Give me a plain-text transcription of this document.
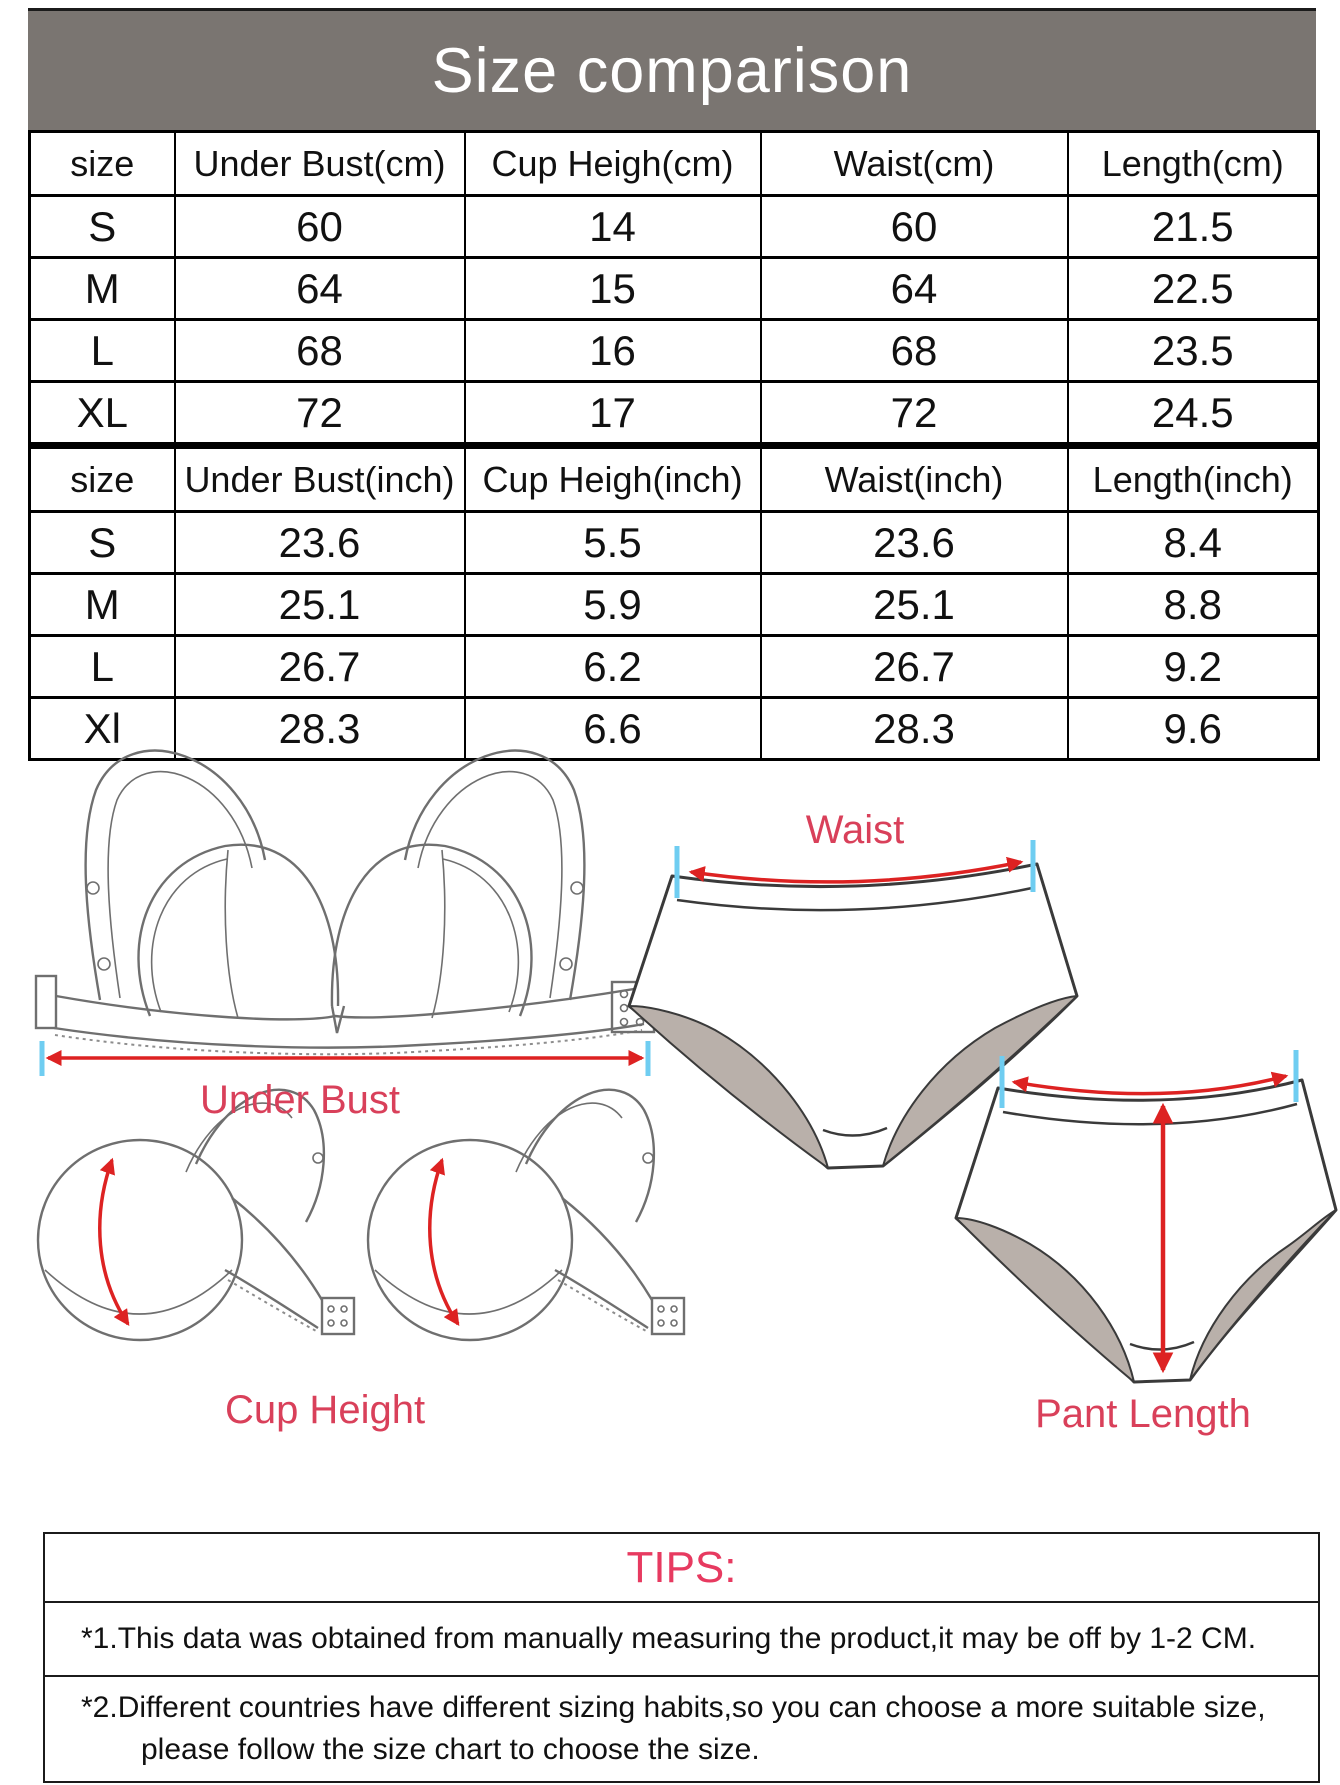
Size comparison
size	Under Bust(cm)	Cup Heigh(cm)	Waist(cm)	Length(cm)
S	60	14	60	21.5
M	64	15	64	22.5
L	68	16	68	23.5
XL	72	17	72	24.5
size	Under Bust(inch)	Cup Heigh(inch)	Waist(inch)	Length(inch)
S	23.6	5.5	23.6	8.4
M	25.1	5.9	25.1	8.8
L	26.7	6.2	26.7	9.2
Xl	28.3	6.6	28.3	9.6
Waist
Under Bust
Cup Height	Pant Length
TIPS:
*1.This data was obtained from manually measuring the product,it may be off by 1-2 CM.
*2.Different countries have different sizing habits,so you can choose a more suitable size,
please follow the size chart to choose the size.
